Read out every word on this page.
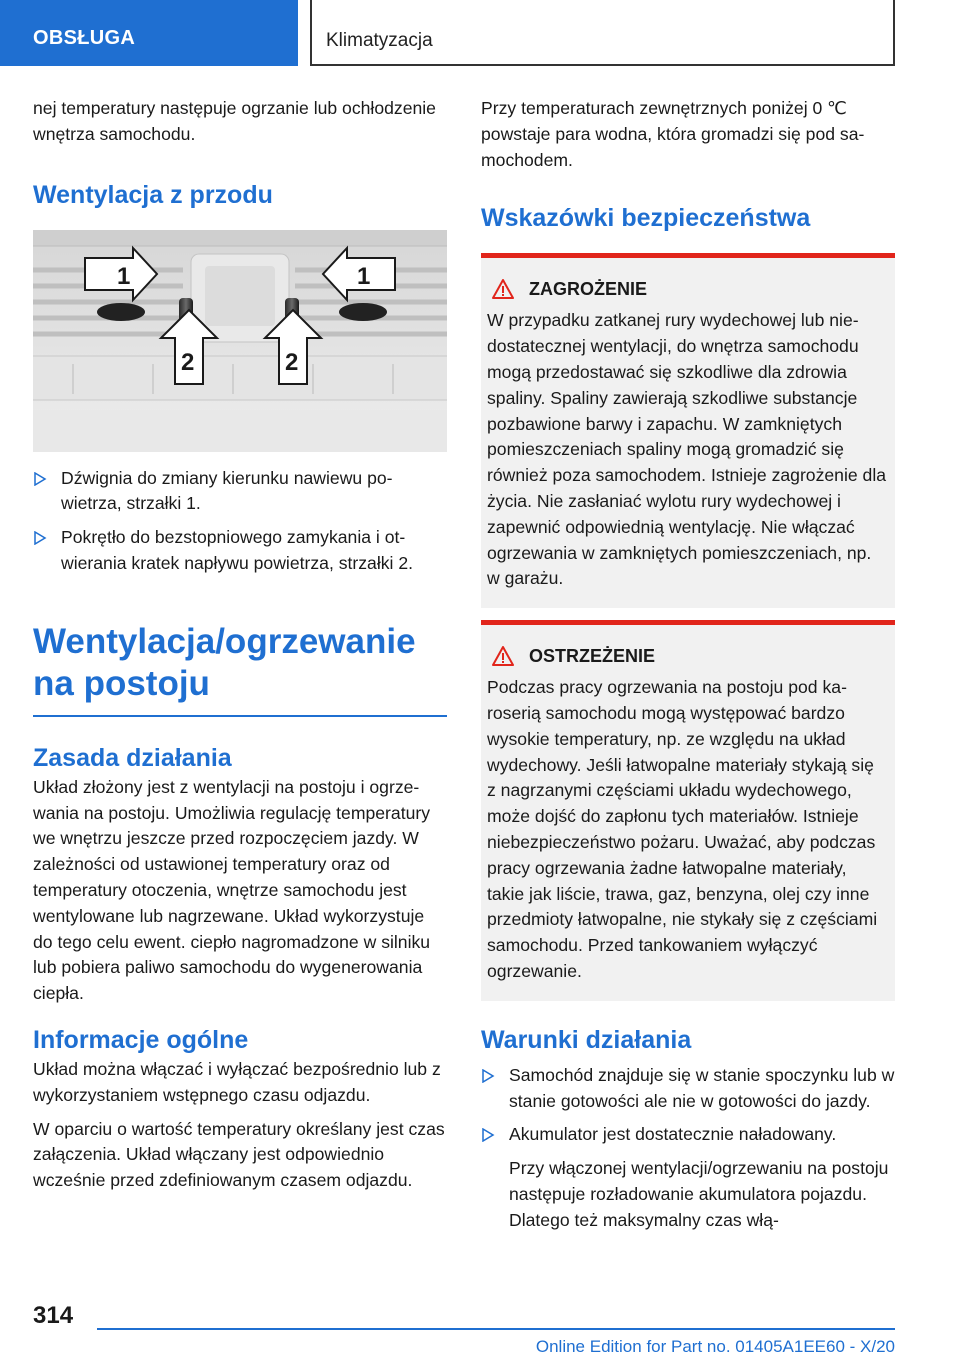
OBSŁUGA	Klimatyzacja

nej temperatury następuje ogrzanie lub ochłodzenie wnętrza samochodu.

Wentylacja z przodu
1	1
2	2
Dźwignia do zmiany kierunku nawiewu powietrza, strzałki 1.
Pokrętło do bezstopniowego zamykania i otwierania kratek napływu powietrza, strzałki 2.
Wentylacja/ogrzewanie na postoju
Zasada działania

Układ złożony jest z wentylacji na postoju i ogrzewania na postoju. Umożliwia regulację temperatury we wnętrzu jeszcze przed rozpoczęciem jazdy. W zależności od ustawionej temperatury oraz od temperatury otoczenia, wnętrze samochodu jest wentylowane lub nagrzewane. Układ wykorzystuje do tego celu ewent. ciepło nagromadzone w silniku lub pobiera paliwo samochodu do wygenerowania ciepła.

Informacje ogólne

Układ można włączać i wyłączać bezpośrednio lub z wykorzystaniem wstępnego czasu odjazdu.

W oparciu o wartość temperatury określany jest czas załączenia. Układ włączany jest odpowiednio wcześnie przed zdefiniowanym czasem odjazdu.

Przy temperaturach zewnętrznych poniżej 0 ℃ powstaje para wodna, która gromadzi się pod samochodem.

Wskazówki bezpieczeństwa
ZAGROŻENIE

W przypadku zatkanej rury wydechowej lub niedostatecznej wentylacji, do wnętrza samochodu mogą przedostawać się szkodliwe dla zdrowia spaliny. Spaliny zawierają szkodliwe substancje pozbawione barwy i zapachu. W zamkniętych pomieszczeniach spaliny mogą gromadzić się również poza samochodem. Istnieje zagrożenie dla życia. Nie zasłaniać wylotu rury wydechowej i zapewnić odpowiednią wentylację. Nie włączać ogrzewania w zamkniętych pomieszczeniach, np. w garażu.

OSTRZEŻENIE

Podczas pracy ogrzewania na postoju pod karoserią samochodu mogą występować bardzo wysokie temperatury, np. ze względu na układ wydechowy. Jeśli łatwopalne materiały stykają się z nagrzanymi częściami układu wydechowego, może dojść do zapłonu tych materiałów. Istnieje niebezpieczeństwo pożaru. Uważać, aby podczas pracy ogrzewania żadne łatwopalne materiały, takie jak liście, trawa, gaz, benzyna, olej czy inne przedmioty łatwopalne, nie stykały się z częściami samochodu. Przed tankowaniem wyłączyć ogrzewanie.

Warunki działania
Samochód znajduje się w stanie spoczynku lub w stanie gotowości ale nie w gotowości do jazdy.
Akumulator jest dostatecznie naładowany.

Przy włączonej wentylacji/ogrzewaniu na postoju następuje rozładowanie akumulatora pojazdu. Dlatego też maksymalny czas włą-

314
Online Edition for Part no. 01405A1EE60 - X/20
